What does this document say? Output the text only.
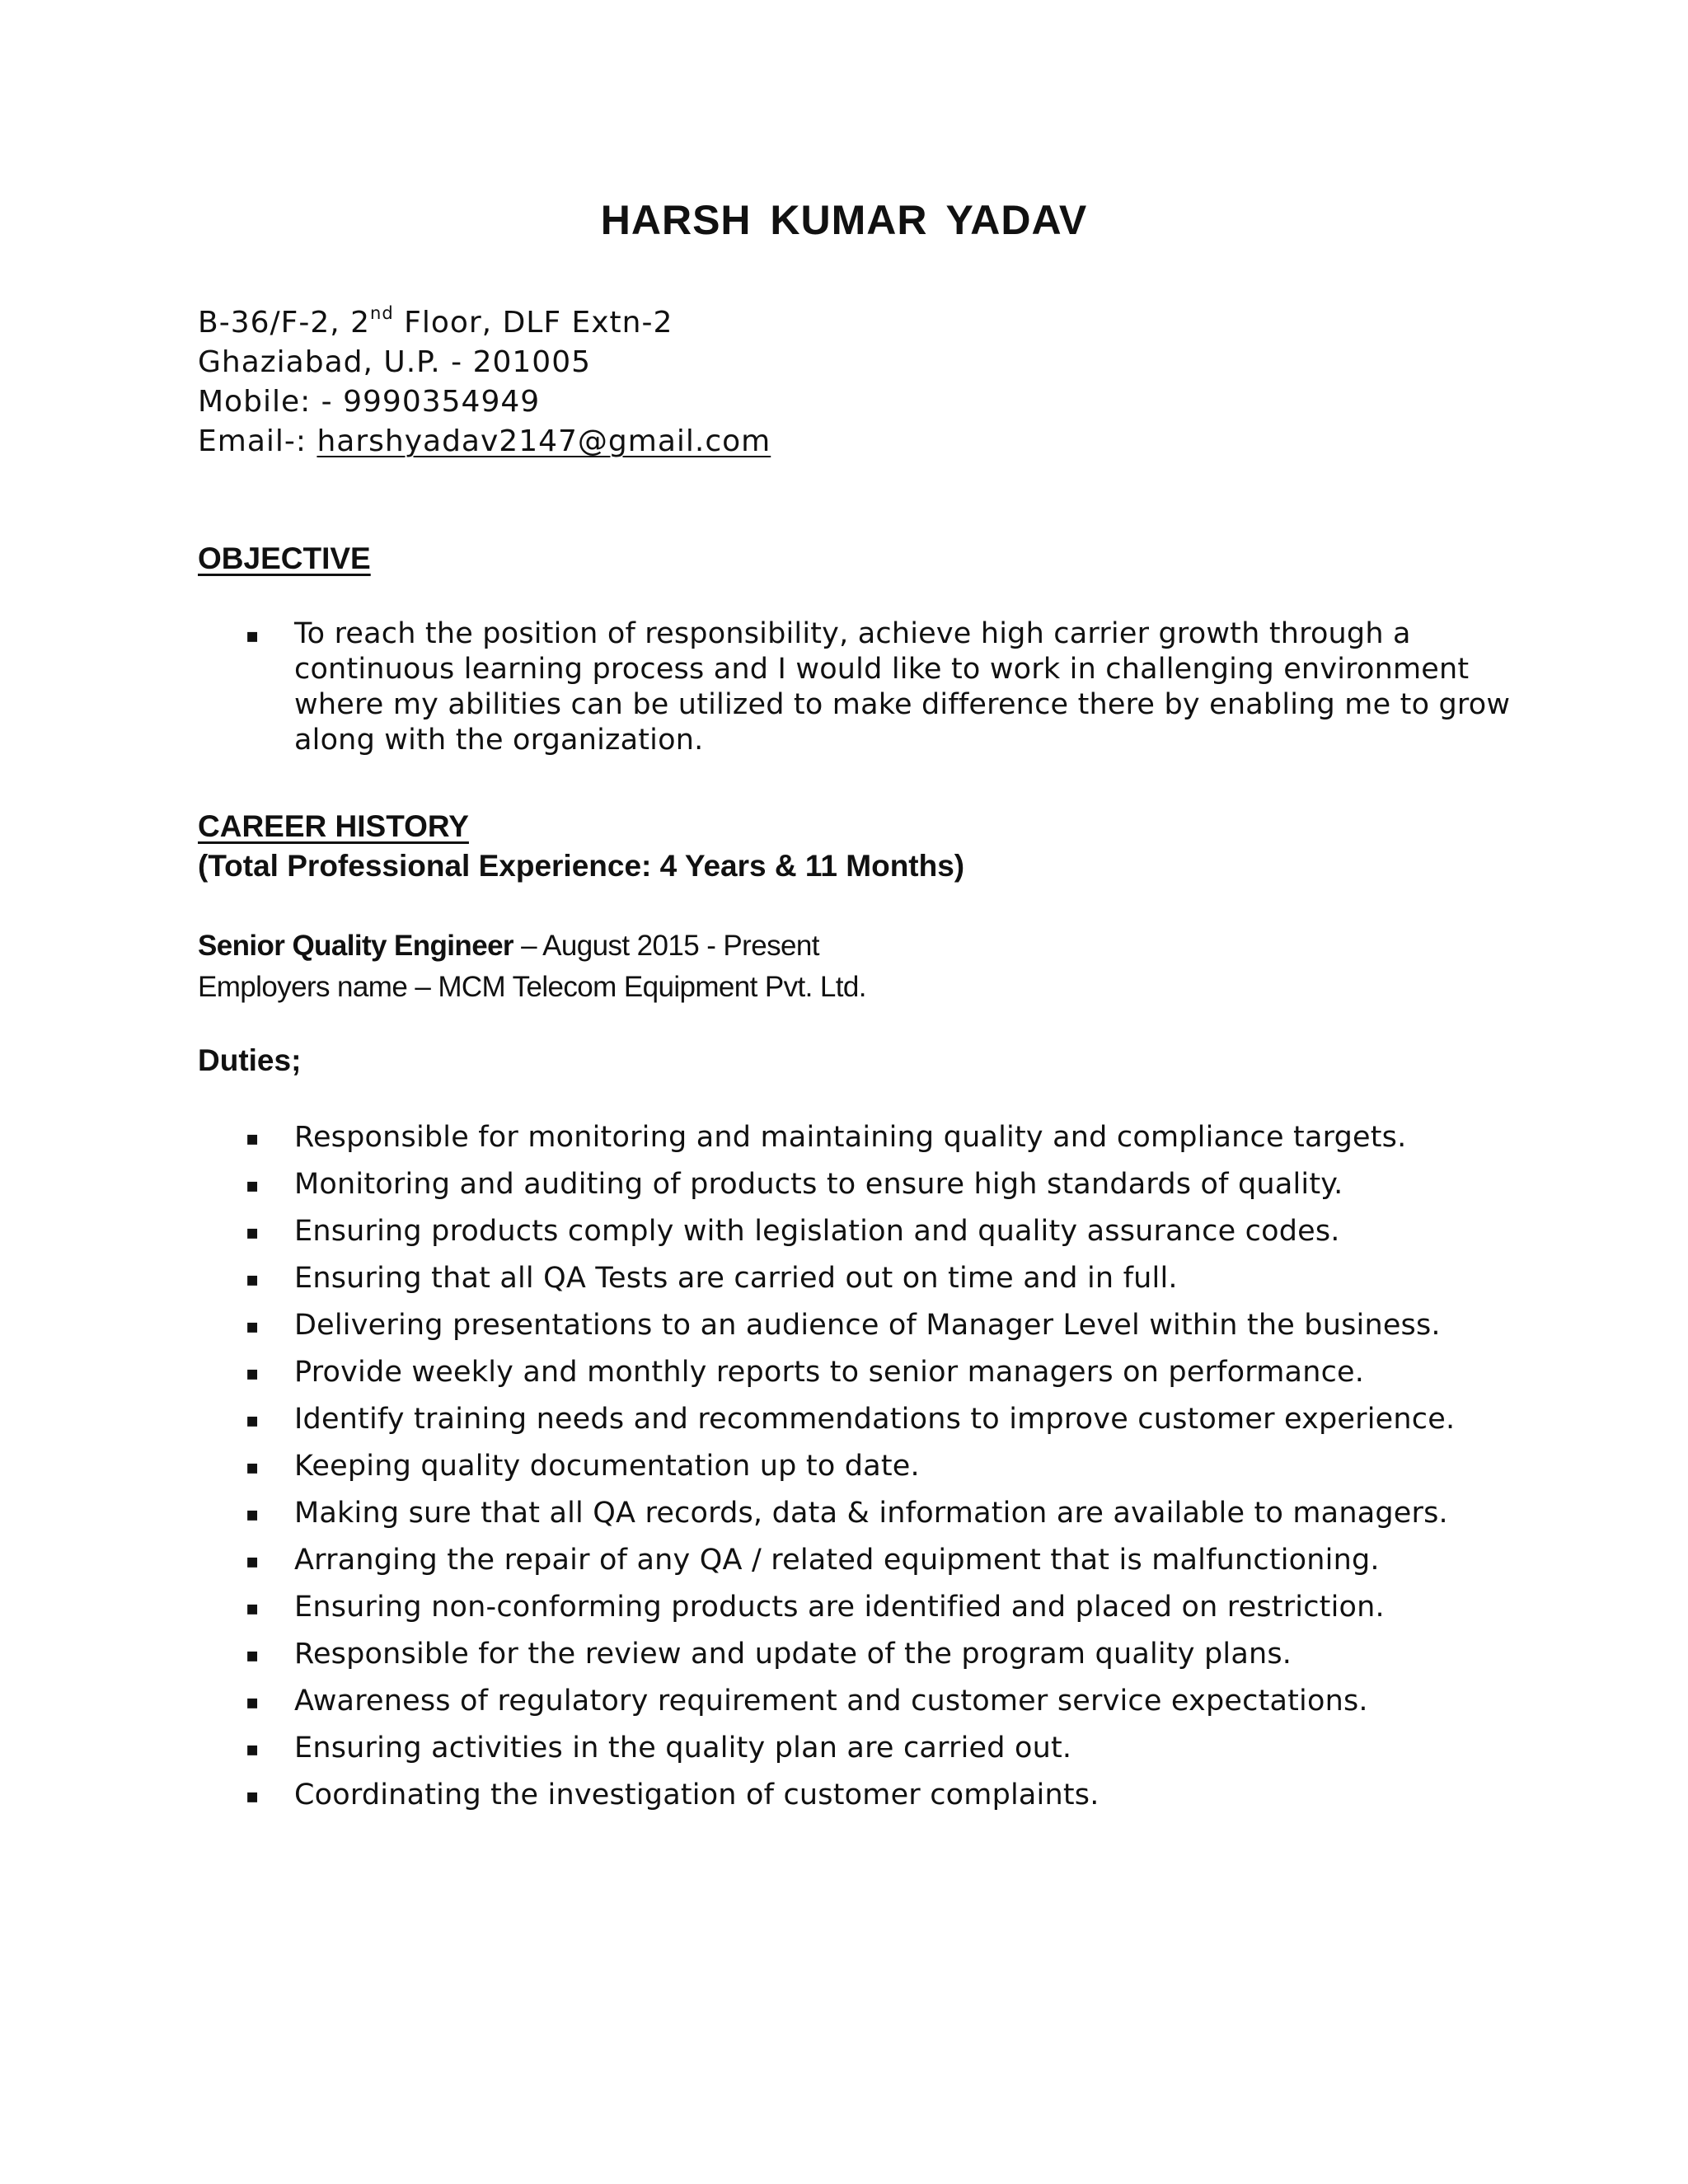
HARSH KUMAR YADAV
B-36/F-2, 2nd Floor, DLF Extn-2
Ghaziabad, U.P. - 201005
Mobile: - 9990354949
Email-: harshyadav2147@gmail.com
OBJECTIVE
▪ To reach the position of responsibility, achieve high carrier growth through a continuous learning process and I would like to work in challenging environment where my abilities can be utilized to make difference there by enabling me to grow along with the organization.
CAREER HISTORY
(Total Professional Experience: 4 Years & 11 Months)
Senior Quality Engineer – August 2015 - Present
Employers name – MCM Telecom Equipment Pvt. Ltd.
Duties;
▪ Responsible for monitoring and maintaining quality and compliance targets.
▪ Monitoring and auditing of products to ensure high standards of quality.
▪ Ensuring products comply with legislation and quality assurance codes.
▪ Ensuring that all QA Tests are carried out on time and in full.
▪ Delivering presentations to an audience of Manager Level within the business.
▪ Provide weekly and monthly reports to senior managers on performance.
▪ Identify training needs and recommendations to improve customer experience.
▪ Keeping quality documentation up to date.
▪ Making sure that all QA records, data & information are available to managers.
▪ Arranging the repair of any QA / related equipment that is malfunctioning.
▪ Ensuring non-conforming products are identified and placed on restriction.
▪ Responsible for the review and update of the program quality plans.
▪ Awareness of regulatory requirement and customer service expectations.
▪ Ensuring activities in the quality plan are carried out.
▪ Coordinating the investigation of customer complaints.
